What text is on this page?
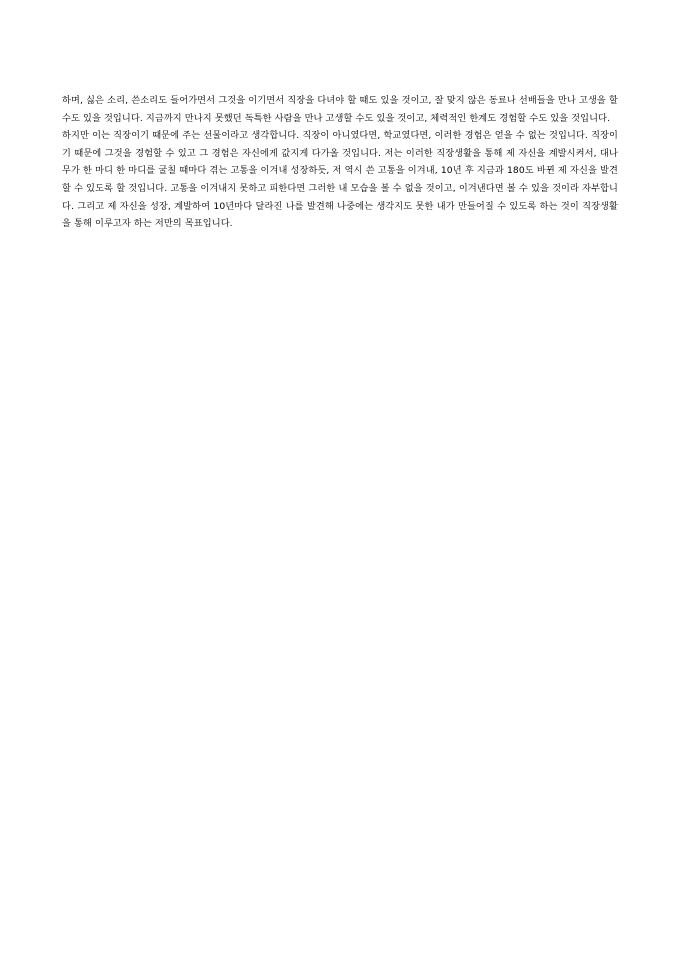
하며, 싫은 소리, 쓴소리도 들어가면서 그것을 이기면서 직장을 다녀야 할 때도 있을 것이고, 잘 맞지 않은 동료나 선배들을 만나 고생을 할 수도 있을 것입니다. 지금까지 만나지 못했던 독특한 사람을 만나 고생할 수도 있을 것이고, 체력적인 한계도 경험할 수도 있을 것입니다.

하지만 이는 직장이기 때문에 주는 선물이라고 생각합니다. 직장이 아니였다면, 학교였다면, 이러한 경험은 얻을 수 없는 것입니다. 직장이기 때문에 그것을 경험할 수 있고 그 경험은 자신에게 값지게 다가올 것입니다. 저는 이러한 직장생활을 통해 제 자신을 계발시켜서, 대나무가 한 마디 한 마디를 굴칠 때마다 겪는 고통을 이겨내 성장하듯, 저 역시 쓴 고통을 이겨내, 10년 후 지금과 180도 바뀐 제 자신을 발견할 수 있도록 할 것입니다. 고통을 이겨내지 못하고 피한다면 그러한 내 모습을 볼 수 없을 것이고, 이겨낸다면 볼 수 있을 것이라 자부합니다. 그리고 제 자신을 성장, 계발하여 10년마다 달라진 나를 발견해 나중에는 생각지도 못한 내가 만들어질 수 있도록 하는 것이 직장생활을 통해 이루고자 하는 저만의 목표입니다.
